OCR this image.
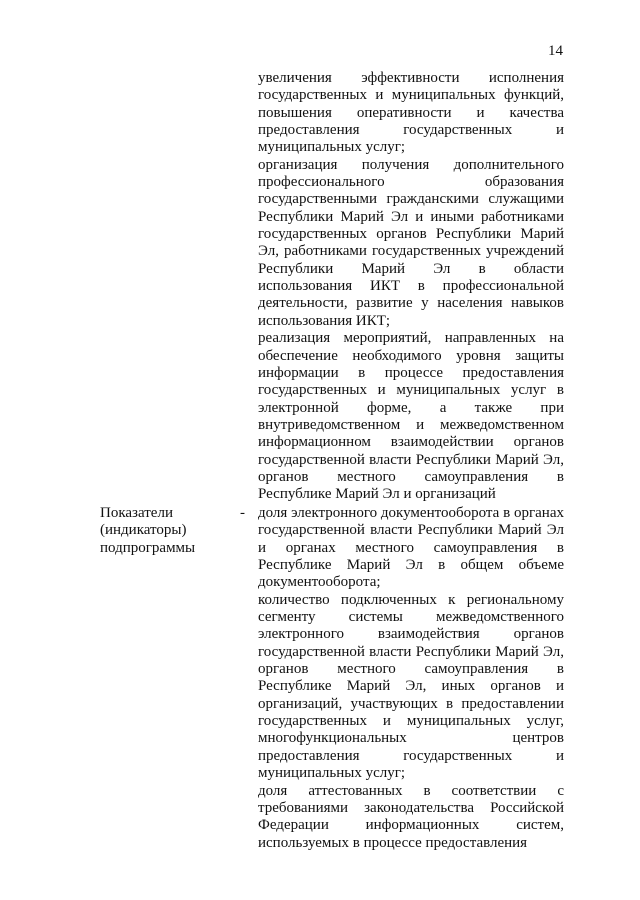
14

увеличения эффективности исполнения государственных и муниципальных функций, повышения оперативности и качества предоставления государственных и муниципальных услуг;

организация получения дополнительного профессионального образования государственными гражданскими служащими Республики Марий Эл и иными работниками государственных органов Республики Марий Эл, работниками государственных учреждений Республики Марий Эл в области использования ИКТ в профессиональной деятельности, развитие у населения навыков использования ИКТ;

реализация мероприятий, направленных на обеспечение необходимого уровня защиты информации в процессе предоставления государственных и муниципальных услуг в электронной форме, а также при внутриведомственном и межведомственном информационном взаимодействии органов государственной власти Республики Марий Эл, органов местного самоуправления в Республике Марий Эл и организаций

Показатели (индикаторы) подпрограммы
- доля электронного документооборота в органах государственной власти Республики Марий Эл и органах местного самоуправления в Республике Марий Эл в общем объеме документооборота;

количество подключенных к региональному сегменту системы межведомственного электронного взаимодействия органов государственной власти Республики Марий Эл, органов местного самоуправления в Республике Марий Эл, иных органов и организаций, участвующих в предоставлении государственных и муниципальных услуг, многофункциональных центров предоставления государственных и муниципальных услуг;

доля аттестованных в соответствии с требованиями законодательства Российской Федерации информационных систем, используемых в процессе предоставления
